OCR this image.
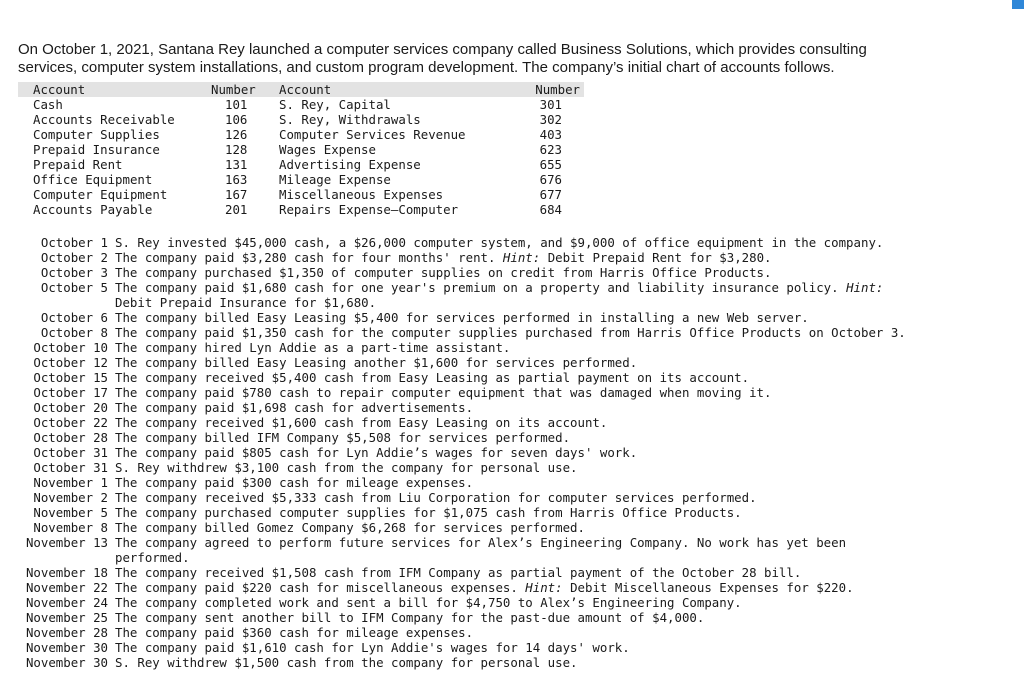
On October 1, 2021, Santana Rey launched a computer services company called Business Solutions, which provides consulting services, computer system installations, and custom program development. The company’s initial chart of accounts follows.

Account	Number	Account	Number
Cash	101	S. Rey, Capital	301
Accounts Receivable	106	S. Rey, Withdrawals	302
Computer Supplies	126	Computer Services Revenue	403
Prepaid Insurance	128	Wages Expense	623
Prepaid Rent	131	Advertising Expense	655
Office Equipment	163	Mileage Expense	676
Computer Equipment	167	Miscellaneous Expenses	677
Accounts Payable	201	Repairs Expense—Computer	684
October 1 S. Rey invested $45,000 cash, a $26,000 computer system, and $9,000 of office equipment in the company.
October 2 The company paid $3,280 cash for four months' rent. Hint: Debit Prepaid Rent for $3,280.
October 3 The company purchased $1,350 of computer supplies on credit from Harris Office Products.
October 5 The company paid $1,680 cash for one year's premium on a property and liability insurance policy. Hint:
Debit Prepaid Insurance for $1,680.
October 6 The company billed Easy Leasing $5,400 for services performed in installing a new Web server.
October 8 The company paid $1,350 cash for the computer supplies purchased from Harris Office Products on October 3.
October 10 The company hired Lyn Addie as a part-time assistant.
October 12 The company billed Easy Leasing another $1,600 for services performed.
October 15 The company received $5,400 cash from Easy Leasing as partial payment on its account.
October 17 The company paid $780 cash to repair computer equipment that was damaged when moving it.
October 20 The company paid $1,698 cash for advertisements.
October 22 The company received $1,600 cash from Easy Leasing on its account.
October 28 The company billed IFM Company $5,508 for services performed.
October 31 The company paid $805 cash for Lyn Addie’s wages for seven days' work.
October 31 S. Rey withdrew $3,100 cash from the company for personal use.
November 1 The company paid $300 cash for mileage expenses.
November 2 The company received $5,333 cash from Liu Corporation for computer services performed.
November 5 The company purchased computer supplies for $1,075 cash from Harris Office Products.
November 8 The company billed Gomez Company $6,268 for services performed.
November 13 The company agreed to perform future services for Alex’s Engineering Company. No work has yet been
performed.
November 18 The company received $1,508 cash from IFM Company as partial payment of the October 28 bill.
November 22 The company paid $220 cash for miscellaneous expenses. Hint: Debit Miscellaneous Expenses for $220.
November 24 The company completed work and sent a bill for $4,750 to Alex’s Engineering Company.
November 25 The company sent another bill to IFM Company for the past-due amount of $4,000.
November 28 The company paid $360 cash for mileage expenses.
November 30 The company paid $1,610 cash for Lyn Addie's wages for 14 days' work.
November 30 S. Rey withdrew $1,500 cash from the company for personal use.
